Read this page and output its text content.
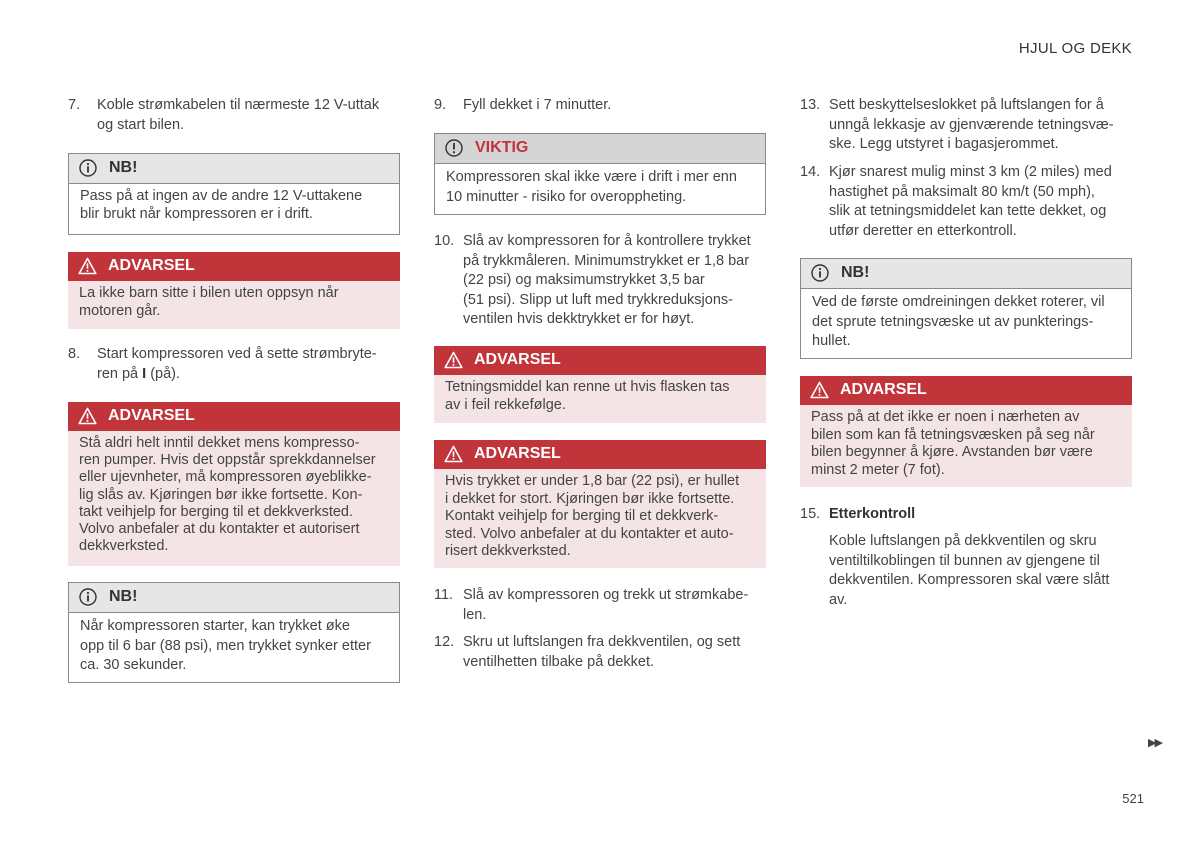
HJUL OG DEKK
7. Koble strømkabelen til nærmeste 12 V-uttak
og start bilen.
NB!
Pass på at ingen av de andre 12 V-uttakene
blir brukt når kompressoren er i drift.
ADVARSEL
La ikke barn sitte i bilen uten oppsyn når
motoren går.
8. Start kompressoren ved å sette strømbryte-
ren på I (på).
ADVARSEL
Stå aldri helt inntil dekket mens kompresso-
ren pumper. Hvis det oppstår sprekkdannelser
eller ujevnheter, må kompressoren øyeblikke-
lig slås av. Kjøringen bør ikke fortsette. Kon-
takt veihjelp for berging til et dekkverksted.
Volvo anbefaler at du kontakter et autorisert
dekkverksted.
NB!
Når kompressoren starter, kan trykket øke
opp til 6 bar (88 psi), men trykket synker etter
ca. 30 sekunder.
9. Fyll dekket i 7 minutter.
VIKTIG
Kompressoren skal ikke være i drift i mer enn
10 minutter - risiko for overoppheting.
10. Slå av kompressoren for å kontrollere trykket
på trykkmåleren. Minimumstrykket er 1,8 bar
(22 psi) og maksimumstrykket 3,5 bar
(51 psi). Slipp ut luft med trykkreduksjons-
ventilen hvis dekktrykket er for høyt.
ADVARSEL
Tetningsmiddel kan renne ut hvis flasken tas
av i feil rekkefølge.
ADVARSEL
Hvis trykket er under 1,8 bar (22 psi), er hullet
i dekket for stort. Kjøringen bør ikke fortsette.
Kontakt veihjelp for berging til et dekkverk-
sted. Volvo anbefaler at du kontakter et auto-
risert dekkverksted.
11. Slå av kompressoren og trekk ut strømkabe-
len.
12. Skru ut luftslangen fra dekkventilen, og sett
ventilhetten tilbake på dekket.
13. Sett beskyttelseslokket på luftslangen for å
unngå lekkasje av gjenværende tetningsvæ-
ske. Legg utstyret i bagasjerommet.
14. Kjør snarest mulig minst 3 km (2 miles) med
hastighet på maksimalt 80 km/t (50 mph),
slik at tetningsmiddelet kan tette dekket, og
utfør deretter en etterkontroll.
NB!
Ved de første omdreiningen dekket roterer, vil
det sprute tetningsvæske ut av punkterings-
hullet.
ADVARSEL
Pass på at det ikke er noen i nærheten av
bilen som kan få tetningsvæsken på seg når
bilen begynner å kjøre. Avstanden bør være
minst 2 meter (7 fot).
15. Etterkontroll
Koble luftslangen på dekkventilen og skru
ventiltilkoblingen til bunnen av gjengene til
dekkventilen. Kompressoren skal være slått
av.
▶▶
521
